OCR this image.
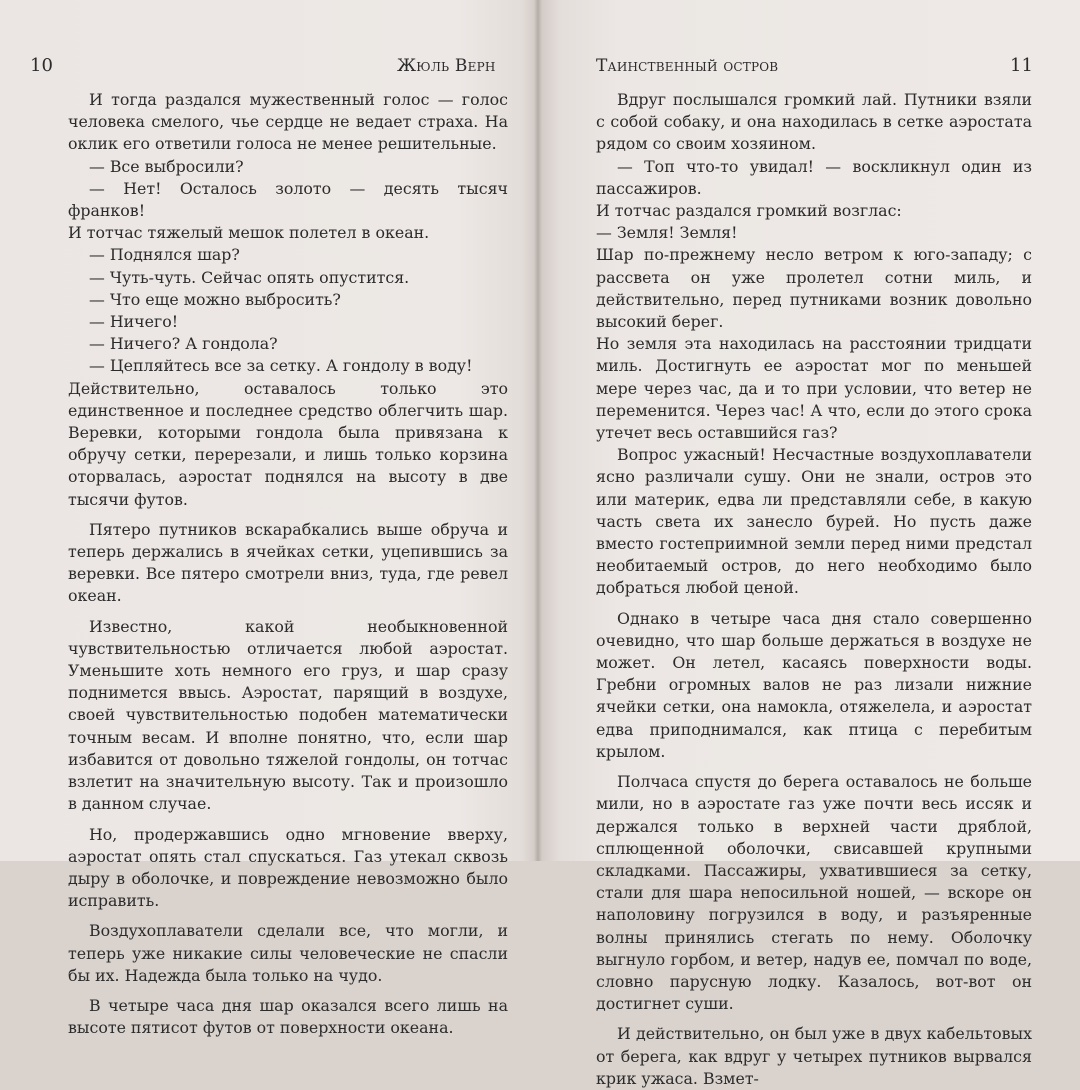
10	Жюль Верн

И тогда раздался мужественный голос — голос человека смелого, чье сердце не ведает страха. На оклик его ответили голоса не менее решительные.

— Все выбросили?

— Нет! Осталось золото — десять тысяч франков!

И тотчас тяжелый мешок полетел в океан.

— Поднялся шар?

— Чуть-чуть. Сейчас опять опустится.

— Что еще можно выбросить?

— Ничего!

— Ничего? А гондола?

— Цепляйтесь все за сетку. А гондолу в воду!

Действительно, оставалось только это единственное и последнее средство облегчить шар. Веревки, которыми гондола была привязана к обручу сетки, перерезали, и лишь только корзина оторвалась, аэростат поднялся на высоту в две тысячи футов.

Пятеро путников вскарабкались выше обруча и теперь держались в ячейках сетки, уцепившись за веревки. Все пятеро смотрели вниз, туда, где ревел океан.

Известно, какой необыкновенной чувствительностью отличается любой аэростат. Уменьшите хоть немного его груз, и шар сразу поднимется ввысь. Аэростат, парящий в воздухе, своей чувствительностью подобен математически точным весам. И вполне понятно, что, если шар избавится от довольно тяжелой гондолы, он тотчас взлетит на значительную высоту. Так и произошло в данном случае.

Но, продержавшись одно мгновение вверху, аэростат опять стал спускаться. Газ утекал сквозь дыру в оболочке, и повреждение невозможно было исправить.

Воздухоплаватели сделали все, что могли, и теперь уже никакие силы человеческие не спасли бы их. Надежда была только на чудо.

В четыре часа дня шар оказался всего лишь на высоте пятисот футов от поверхности океана.

Таинственный остров	11

Вдруг послышался громкий лай. Путники взяли с собой собаку, и она находилась в сетке аэростата рядом со своим хозяином.

— Топ что-то увидал! — воскликнул один из пассажиров.

И тотчас раздался громкий возглас:

— Земля! Земля!

Шар по-прежнему несло ветром к юго-западу; с рассвета он уже пролетел сотни миль, и действительно, перед путниками возник довольно высокий берег.

Но земля эта находилась на расстоянии тридцати миль. Достигнуть ее аэростат мог по меньшей мере через час, да и то при условии, что ветер не переменится. Через час! А что, если до этого срока утечет весь оставшийся газ?

Вопрос ужасный! Несчастные воздухоплаватели ясно различали сушу. Они не знали, остров это или материк, едва ли представляли себе, в какую часть света их занесло бурей. Но пусть даже вместо гостеприимной земли перед ними предстал необитаемый остров, до него необходимо было добраться любой ценой.

Однако в четыре часа дня стало совершенно очевидно, что шар больше держаться в воздухе не может. Он летел, касаясь поверхности воды. Гребни огромных валов не раз лизали нижние ячейки сетки, она намокла, отяжелела, и аэростат едва приподнимался, как птица с перебитым крылом.

Полчаса спустя до берега оставалось не больше мили, но в аэростате газ уже почти весь иссяк и держался только в верхней части дряблой, сплющенной оболочки, свисавшей крупными складками. Пассажиры, ухватившиеся за сетку, стали для шара непосильной ношей, — вскоре он наполовину погрузился в воду, и разъяренные волны принялись стегать по нему. Оболочку выгнуло горбом, и ветер, надув ее, помчал по воде, словно парусную лодку. Казалось, вот-вот он достигнет суши.

И действительно, он был уже в двух кабельтовых от берега, как вдруг у четырех путников вырвался крик ужаса. Взмет-
